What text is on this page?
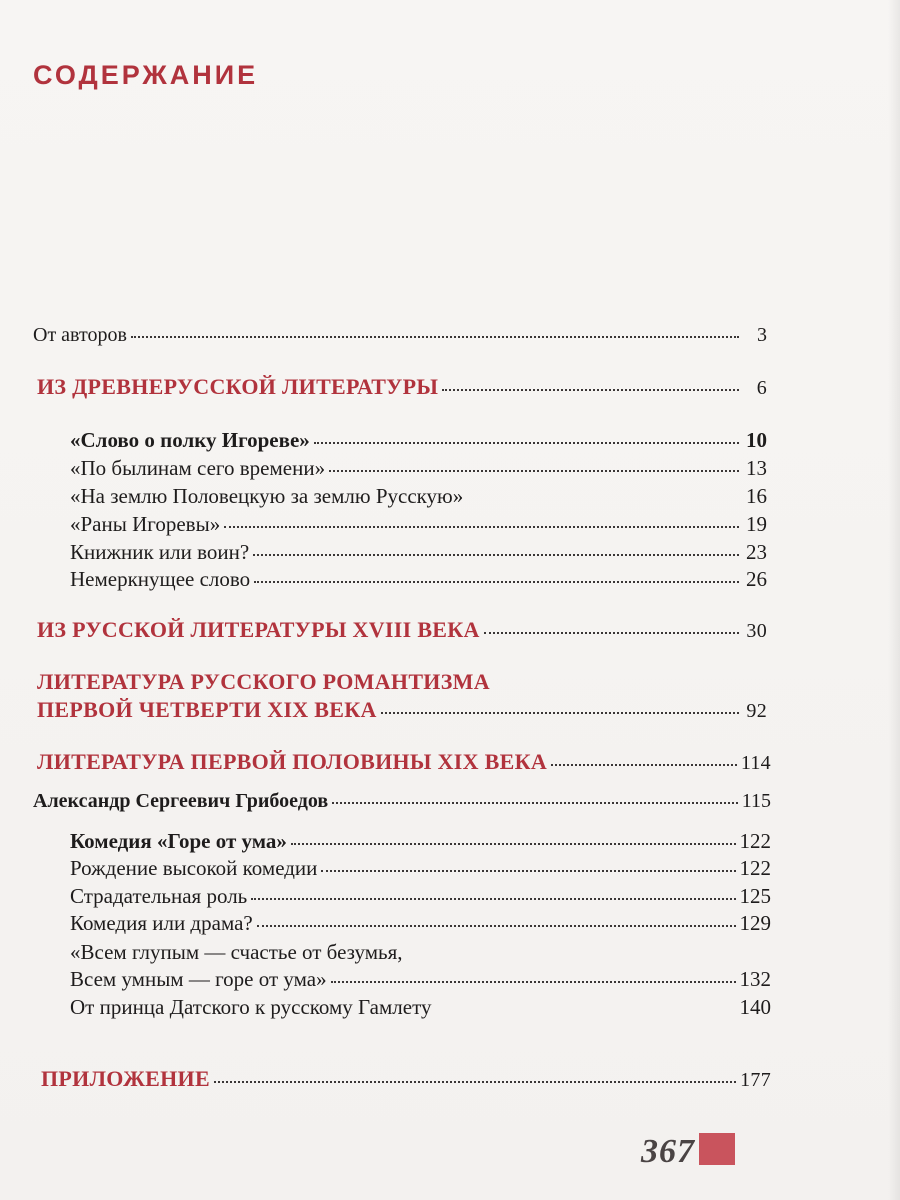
СОДЕРЖАНИЕ
От авторов	3
ИЗ ДРЕВНЕРУССКОЙ ЛИТЕРАТУРЫ	6
«Слово о полку Игореве»	10
«По былинам сего времени»	13
«На землю Половецкую за землю Русскую»	16
«Раны Игоревы»	19
Книжник или воин?	23
Немеркнущее слово	26
ИЗ РУССКОЙ ЛИТЕРАТУРЫ XVIII ВЕКА	30
ЛИТЕРАТУРА РУССКОГО РОМАНТИЗМА
ПЕРВОЙ ЧЕТВЕРТИ XIX ВЕКА	92
ЛИТЕРАТУРА ПЕРВОЙ ПОЛОВИНЫ XIX ВЕКА	114
Александр Сергеевич Грибоедов	115
Комедия «Горе от ума»	122
Рождение высокой комедии	122
Страдательная роль	125
Комедия или драма?	129
«Всем глупым — счастье от безумья,
Всем умным — горе от ума»	132
От принца Датского к русскому Гамлету	140
ПРИЛОЖЕНИЕ	177
367
